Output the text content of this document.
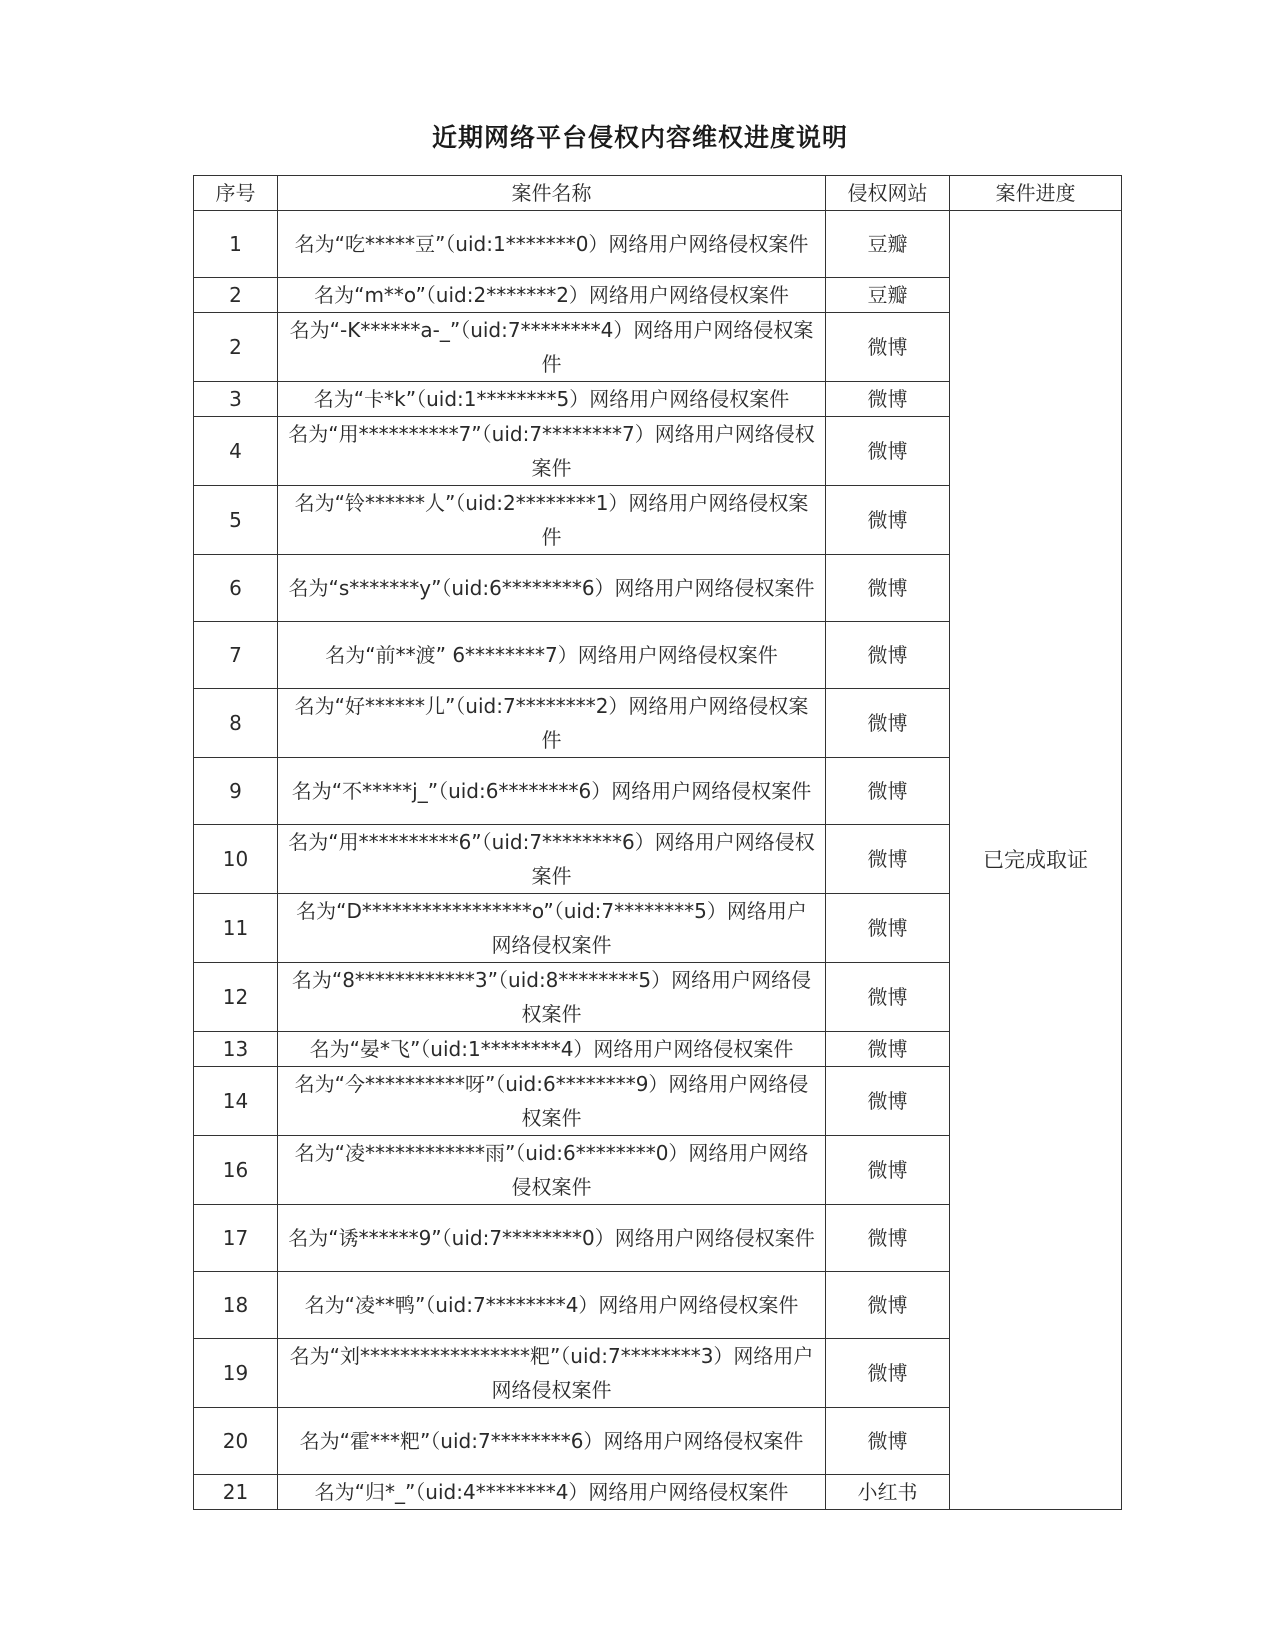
近期网络平台侵权内容维权进度说明
序号	案件名称	侵权网站	案件进度
1	名为“吃*****豆”（uid:1*******0）网络用户网络侵权案件	豆瓣	已完成取证
2	名为“m**o”（uid:2*******2）网络用户网络侵权案件	豆瓣	
2	名为“-K******a-_”（uid:7********4）网络用户网络侵权案件	微博	
3	名为“卡*k”（uid:1********5）网络用户网络侵权案件	微博	
4	名为“用**********7”（uid:7********7）网络用户网络侵权案件	微博	
5	名为“铃******人”（uid:2********1）网络用户网络侵权案件	微博	
6	名为“s*******y”（uid:6********6）网络用户网络侵权案件	微博	
7	名为“前**渡” 6********7）网络用户网络侵权案件	微博	
8	名为“好******儿”（uid:7********2）网络用户网络侵权案件	微博	
9	名为“不*****j_”（uid:6********6）网络用户网络侵权案件	微博	
10	名为“用**********6”（uid:7********6）网络用户网络侵权案件	微博	
11	名为“D*****************o”（uid:7********5）网络用户网络侵权案件	微博	
12	名为“8************3”（uid:8********5）网络用户网络侵权案件	微博	
13	名为“晏*飞”（uid:1********4）网络用户网络侵权案件	微博	
14	名为“今**********呀”（uid:6********9）网络用户网络侵权案件	微博	
16	名为“凌************雨”（uid:6********0）网络用户网络侵权案件	微博	
17	名为“诱******9”（uid:7********0）网络用户网络侵权案件	微博	
18	名为“凌**鸭”（uid:7********4）网络用户网络侵权案件	微博	
19	名为“刘*****************粑”（uid:7********3）网络用户网络侵权案件	微博	
20	名为“霍***粑”（uid:7********6）网络用户网络侵权案件	微博	
21	名为“归*_”（uid:4********4）网络用户网络侵权案件	小红书	
